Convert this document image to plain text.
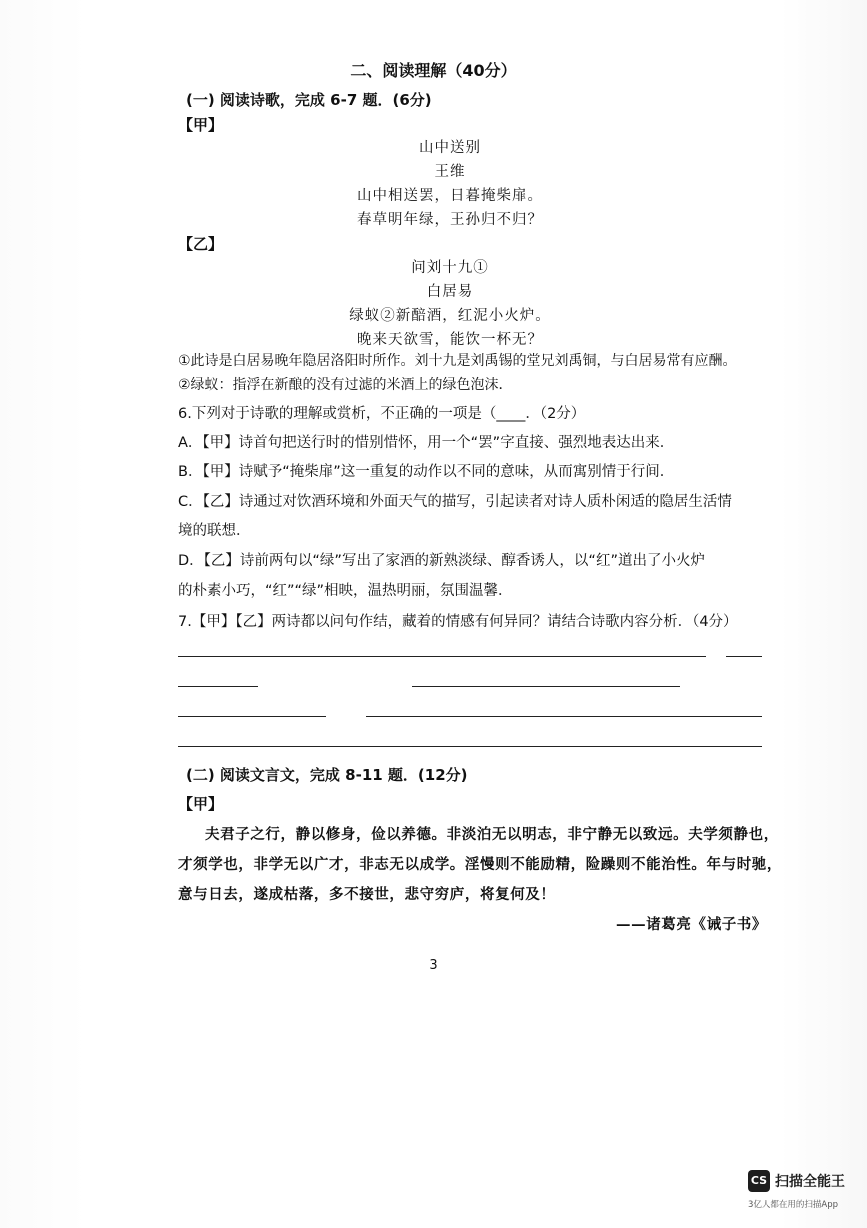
二、阅读理解（40分）
(一) 阅读诗歌，完成 6-7 题．(6分)
【甲】
山中送别
王维
山中相送罢，日暮掩柴扉。
春草明年绿，王孙归不归？
【乙】
问刘十九①
白居易
绿蚁②新醅酒，红泥小火炉。
晚来天欲雪，能饮一杯无？
①此诗是白居易晚年隐居洛阳时所作。刘十九是刘禹锡的堂兄刘禹铜，与白居易常有应酬。
②绿蚁：指浮在新酿的没有过滤的米酒上的绿色泡沫．
6.下列对于诗歌的理解或赏析，不正确的一项是（____．（2分）
A．【甲】诗首句把送行时的惜别惜怀，用一个“罢”字直接、强烈地表达出来．
B．【甲】诗赋予“掩柴扉”这一重复的动作以不同的意味，从而寓别情于行间．
C．【乙】诗通过对饮酒环境和外面天气的描写，引起读者对诗人质朴闲适的隐居生活情
境的联想．
D．【乙】诗前两句以“绿”写出了家酒的新熟淡绿、醇香诱人，以“红”道出了小火炉
的朴素小巧，“红”“绿”相映，温热明丽，氛围温馨．
7.【甲】【乙】两诗都以问句作结，藏着的情感有何异同？请结合诗歌内容分析．（4分）
(二) 阅读文言文，完成 8-11 题．(12分)
【甲】
夫君子之行，静以修身，俭以养德。非淡泊无以明志，非宁静无以致远。夫学须静也，
才须学也，非学无以广才，非志无以成学。淫慢则不能励精，险躁则不能治性。年与时驰，
意与日去，遂成枯落，多不接世，悲守穷庐，将复何及！
——诸葛亮《诫子书》
3
CS 扫描全能王
3亿人都在用的扫描App
